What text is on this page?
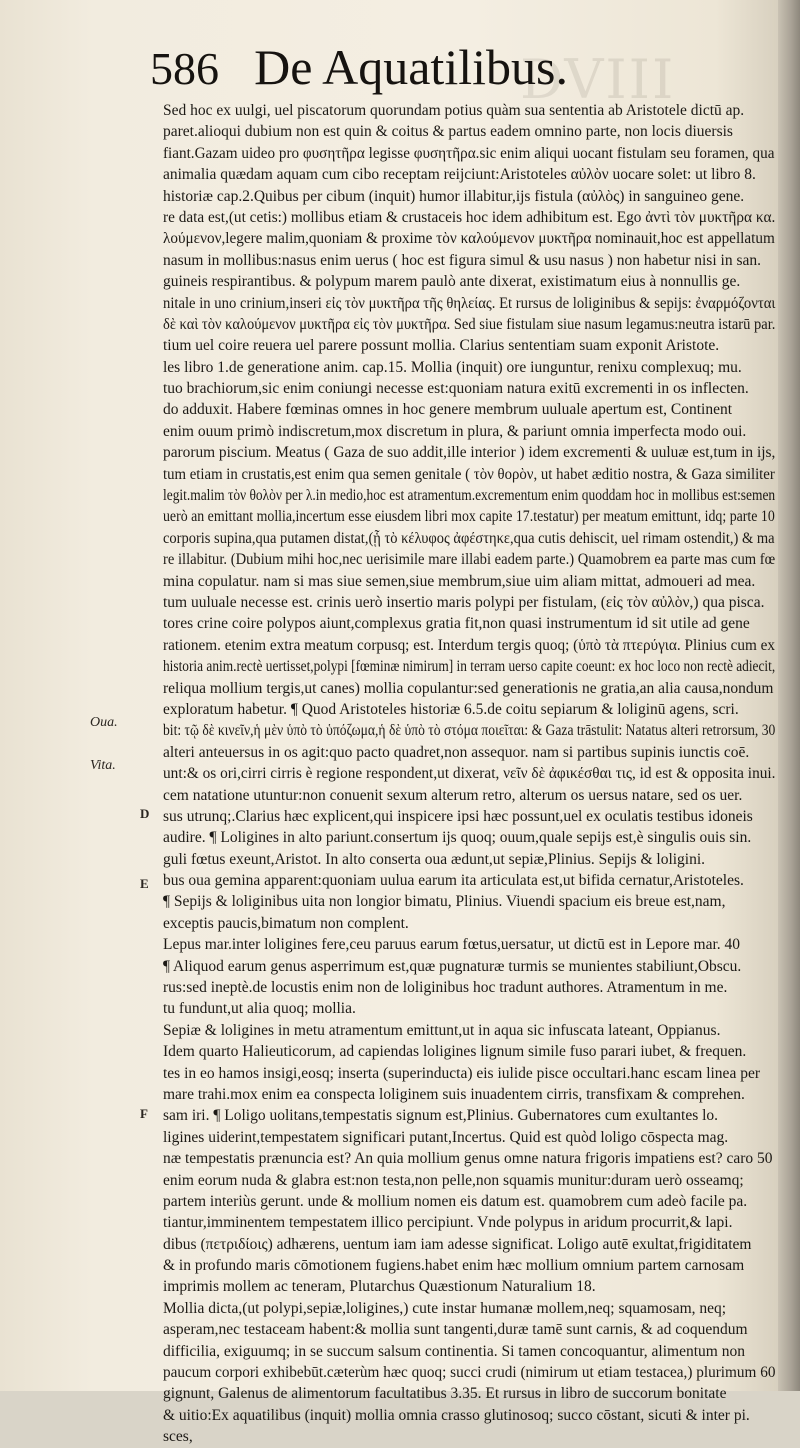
DVIII
586 De Aquatilibus.
Oua.
Vita.
D
E
F
Sed hoc ex uulgi, uel piscatorum quorundam potius quàm sua sententia ab Aristotele dictū ap.
paret.alioqui dubium non est quin & coitus & partus eadem omnino parte, non locis diuersis
fiant.Gazam uideo pro φυσητῆρα legisse φυσητῆρα.sic enim aliqui uocant fistulam seu foramen, qua
animalia quædam aquam cum cibo receptam reijciunt:Aristoteles αὐλὸν uocare solet: ut libro 8.
historiæ cap.2.Quibus per cibum (inquit) humor illabitur,ijs fistula (αὐλὸς) in sanguineo gene.
re data est,(ut cetis:) mollibus etiam & crustaceis hoc idem adhibitum est. Ego ἀντὶ τὸν μυκτῆρα κα.
λούμενον,legere malim,quoniam & proxime τὸν καλούμενον μυκτῆρα nominauit,hoc est appellatum
nasum in mollibus:nasus enim uerus ( hoc est figura simul & usu nasus ) non habetur nisi in san.
guineis respirantibus. & polypum marem paulò ante dixerat, existimatum eius à nonnullis ge.
nitale in uno crinium,inseri εἰς τὸν μυκτῆρα τῆς θηλείας. Et rursus de loliginibus & sepijs: ἐναρμόζονται
δὲ καὶ τὸν καλούμενον μυκτῆρα εἰς τὸν μυκτῆρα. Sed siue fistulam siue nasum legamus:neutra istarū par.
tium uel coire reuera uel parere possunt mollia. Clarius sententiam suam exponit Aristote.
les libro 1.de generatione anim. cap.15. Mollia (inquit) ore iunguntur, renixu complexuq; mu.
tuo brachiorum,sic enim coniungi necesse est:quoniam natura exitū excrementi in os inflecten.
do adduxit. Habere fœminas omnes in hoc genere membrum uuluale apertum est, Continent
enim ouum primò indiscretum,mox discretum in plura, & pariunt omnia imperfecta modo oui.
parorum piscium. Meatus ( Gaza de suo addit,ille interior ) idem excrementi & uuluæ est,tum in ijs,
tum etiam in crustatis,est enim qua semen genitale ( τὸν θορὸν, ut habet æditio nostra, & Gaza similiter
legit.malim τὸν θολὸν per λ.in medio,hoc est atramentum.excrementum enim quoddam hoc in mollibus est:semen
uerò an emittant mollia,incertum esse eiusdem libri mox capite 17.testatur) per meatum emittunt, idq; parte 10
corporis supina,qua putamen distat,(ᾗ τὸ κέλυφος ἀφέστηκε,qua cutis dehiscit, uel rimam ostendit,) & ma
re illabitur. (Dubium mihi hoc,nec uerisimile mare illabi eadem parte.) Quamobrem ea parte mas cum fœ
mina copulatur. nam si mas siue semen,siue membrum,siue uim aliam mittat, admoueri ad mea.
tum uuluale necesse est. crinis uerò insertio maris polypi per fistulam, (εἰς τὸν αὐλὸν,) qua pisca.
tores crine coire polypos aiunt,complexus gratia fit,non quasi instrumentum id sit utile ad gene
rationem. etenim extra meatum corpusq; est. Interdum tergis quoq; (ὑπὸ τὰ πτερύγια. Plinius cum ex
historia anim.rectè uertisset,polypi [fœminæ nimirum] in terram uerso capite coeunt: ex hoc loco non rectè adiecit,
reliqua mollium tergis,ut canes) mollia copulantur:sed generationis ne gratia,an alia causa,nondum
exploratum habetur. ¶ Quod Aristoteles historiæ 6.5.de coitu sepiarum & loliginū agens, scri.
bit: τῷ δὲ κινεῖν,ἡ μὲν ὑπὸ τὸ ὑπόζωμα,ἡ δὲ ὑπὸ τὸ στόμα ποιεῖται: & Gaza trāstulit: Natatus alteri retrorsum, 30
alteri anteuersus in os agit:quo pacto quadret,non assequor. nam si partibus supinis iunctis coē.
unt:& os ori,cirri cirris è regione respondent,ut dixerat, νεῖν δὲ ἀφικέσθαι τις, id est & opposita inui.
cem natatione utuntur:non conuenit sexum alterum retro, alterum os uersus natare, sed os uer.
sus utrunq;.Clarius hæc explicent,qui inspicere ipsi hæc possunt,uel ex oculatis testibus idoneis
audire. ¶ Loligines in alto pariunt.consertum ijs quoq; ouum,quale sepijs est,è singulis ouis sin.
guli fœtus exeunt,Aristot. In alto conserta oua ædunt,ut sepiæ,Plinius. Sepijs & loligini.
bus oua gemina apparent:quoniam uulua earum ita articulata est,ut bifida cernatur,Aristoteles.
¶ Sepijs & loliginibus uita non longior bimatu, Plinius. Viuendi spacium eis breue est,nam,
exceptis paucis,bimatum non complent.
Lepus mar.inter loligines fere,ceu paruus earum fœtus,uersatur, ut dictū est in Lepore mar. 40
¶ Aliquod earum genus asperrimum est,quæ pugnaturæ turmis se munientes stabiliunt,Obscu.
rus:sed ineptè.de locustis enim non de loliginibus hoc tradunt authores. Atramentum in me.
tu fundunt,ut alia quoq; mollia.
Sepiæ & loligines in metu atramentum emittunt,ut in aqua sic infuscata lateant, Oppianus.
Idem quarto Halieuticorum, ad capiendas loligines lignum simile fuso parari iubet, & frequen.
tes in eo hamos insigi,eosq; inserta (superinducta) eis iulide pisce occultari.hanc escam linea per
mare trahi.mox enim ea conspecta loliginem suis inuadentem cirris, transfixam & comprehen.
sam iri. ¶ Loligo uolitans,tempestatis signum est,Plinius. Gubernatores cum exultantes lo.
ligines uiderint,tempestatem significari putant,Incertus. Quid est quòd loligo cōspecta mag.
næ tempestatis prænuncia est? An quia mollium genus omne natura frigoris impatiens est? caro 50
enim eorum nuda & glabra est:non testa,non pelle,non squamis munitur:duram uerò osseamq;
partem interiùs gerunt. unde & mollium nomen eis datum est. quamobrem cum adeò facile pa.
tiantur,imminentem tempestatem illico percipiunt. Vnde polypus in aridum procurrit,& lapi.
dibus (πετριδίοις) adhærens, uentum iam iam adesse significat. Loligo autē exultat,frigiditatem
& in profundo maris cōmotionem fugiens.habet enim hæc mollium omnium partem carnosam
imprimis mollem ac teneram, Plutarchus Quæstionum Naturalium 18.
Mollia dicta,(ut polypi,sepiæ,loligines,) cute instar humanæ mollem,neq; squamosam, neq;
asperam,nec testaceam habent:& mollia sunt tangenti,duræ tamē sunt carnis, & ad coquendum
difficilia, exiguumq; in se succum salsum continentia. Si tamen concoquantur, alimentum non
paucum corpori exhibebūt.cæterùm hæc quoq; succi crudi (nimirum ut etiam testacea,) plurimum 60
gignunt, Galenus de alimentorum facultatibus 3.35. Et rursus in libro de succorum bonitate
& uitio:Ex aquatilibus (inquit) mollia omnia crasso glutinosoq; succo cōstant, sicuti & inter pi.
sces,
